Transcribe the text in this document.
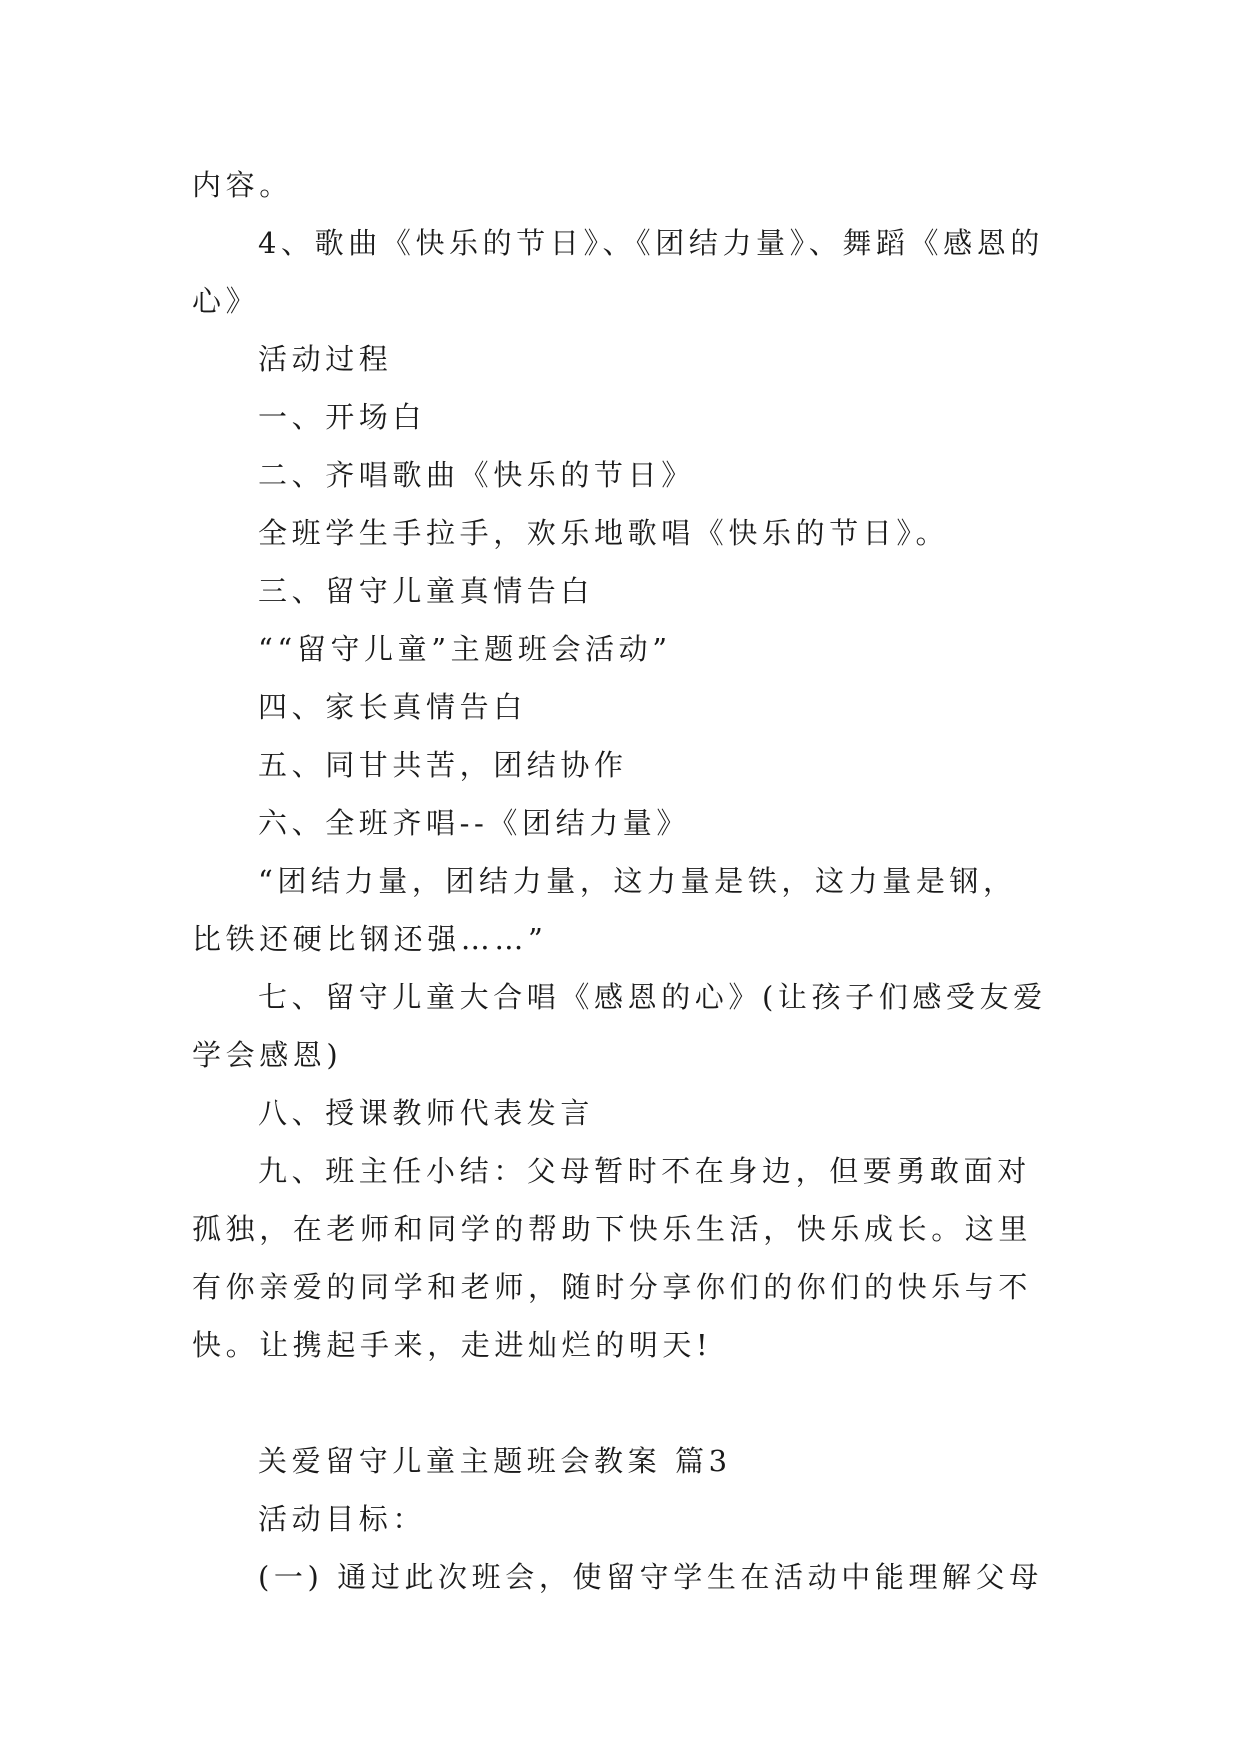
内容。

4、歌曲《快乐的节日》、《团结力量》、舞蹈《感恩的心》

活动过程

一、开场白

二、齐唱歌曲《快乐的节日》

全班学生手拉手，欢乐地歌唱《快乐的节日》。

三、留守儿童真情告白

““留守儿童”主题班会活动”

四、家长真情告白

五、同甘共苦，团结协作

六、全班齐唱--《团结力量》

“团结力量，团结力量，这力量是铁，这力量是钢，比铁还硬比钢还强……”

七、留守儿童大合唱《感恩的心》(让孩子们感受友爱学会感恩)

八、授课教师代表发言

九、班主任小结：父母暂时不在身边，但要勇敢面对孤独，在老师和同学的帮助下快乐生活，快乐成长。这里有你亲爱的同学和老师，随时分享你们的你们的快乐与不快。让携起手来，走进灿烂的明天!

关爱留守儿童主题班会教案 篇3

活动目标：

(一) 通过此次班会，使留守学生在活动中能理解父母
